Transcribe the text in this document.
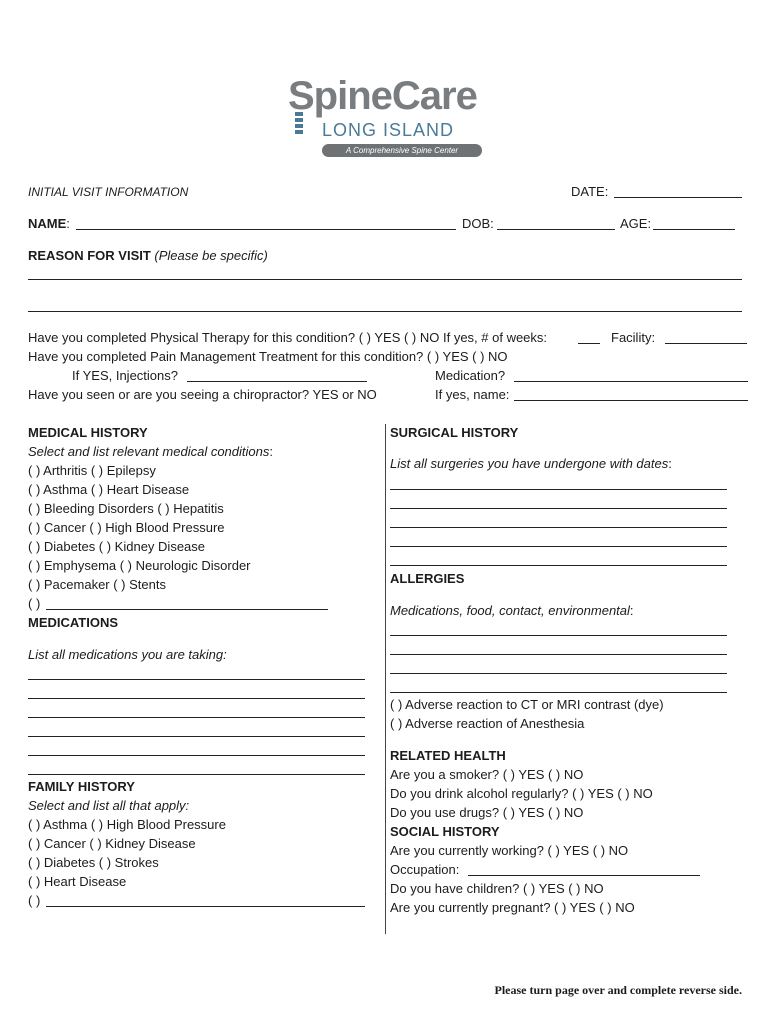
SpineCare
LONG ISLAND
A Comprehensive Spine Center
INITIAL VISIT INFORMATION	DATE:
NAME:	DOB:	AGE:
REASON FOR VISIT (Please be specific)
Have you completed Physical Therapy for this condition? ( ) YES ( ) NO If yes, # of weeks:	Facility:
Have you completed Pain Management Treatment for this condition? ( ) YES ( ) NO
If YES, Injections?	Medication?
Have you seen or are you seeing a chiropractor? YES or NO	If yes, name:
MEDICAL HISTORY
Select and list relevant medical conditions:
( ) Arthritis ( ) Epilepsy
( ) Asthma ( ) Heart Disease
( ) Bleeding Disorders ( ) Hepatitis
( ) Cancer ( ) High Blood Pressure
( ) Diabetes ( ) Kidney Disease
( ) Emphysema ( ) Neurologic Disorder
( ) Pacemaker ( ) Stents
( )
MEDICATIONS
List all medications you are taking:
FAMILY HISTORY
Select and list all that apply:
( ) Asthma ( ) High Blood Pressure
( ) Cancer ( ) Kidney Disease
( ) Diabetes ( ) Strokes
( ) Heart Disease
( )
SURGICAL HISTORY
List all surgeries you have undergone with dates:
ALLERGIES
Medications, food, contact, environmental:
( ) Adverse reaction to CT or MRI contrast (dye)
( ) Adverse reaction of Anesthesia
RELATED HEALTH
Are you a smoker? ( ) YES ( ) NO
Do you drink alcohol regularly? ( ) YES ( ) NO
Do you use drugs? ( ) YES ( ) NO
SOCIAL HISTORY
Are you currently working? ( ) YES ( ) NO
Occupation:
Do you have children? ( ) YES ( ) NO
Are you currently pregnant? ( ) YES ( ) NO
Please turn page over and complete reverse side.
